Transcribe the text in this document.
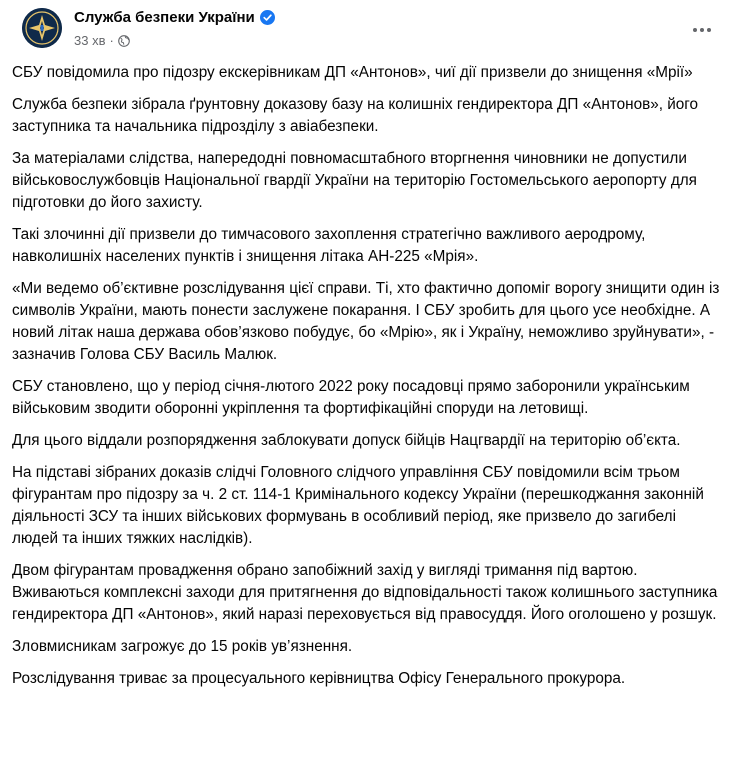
Служба безпеки України
33 хв ·

СБУ повідомила про підозру екскерівникам ДП «Антонов», чиї дії призвели до знищення «Мрії»

Служба безпеки зібрала ґрунтовну доказову базу на колишніх гендиректора ДП «Антонов», його заступника та начальника підрозділу з авіабезпеки.

За матеріалами слідства, напередодні повномасштабного вторгнення чиновники не допустили військовослужбовців Національної гвардії України на територію Гостомельського аеропорту для підготовки до його захисту.

Такі злочинні дії призвели до тимчасового захоплення стратегічно важливого аеродрому, навколишніх населених пунктів і знищення літака АН-225 «Мрія».

«Ми ведемо об’єктивне розслідування цієї справи. Ті, хто фактично допоміг ворогу знищити один із символів України, мають понести заслужене покарання. І СБУ зробить для цього усе необхідне. А новий літак наша держава обов’язково побудує, бо «Мрію», як і Україну, неможливо зруйнувати», - зазначив Голова СБУ Василь Малюк.

СБУ становлено, що у період січня-лютого 2022 року посадовці прямо заборонили українським військовим зводити оборонні укріплення та фортифікаційні споруди на летовищі.

Для цього віддали розпорядження заблокувати допуск бійців Нацгвардії на територію об’єкта.

На підставі зібраних доказів слідчі Головного слідчого управління СБУ повідомили всім трьом фігурантам про підозру за ч. 2 ст. 114-1 Кримінального кодексу України (перешкоджання законній діяльності ЗСУ та інших військових формувань в особливий період, яке призвело до загибелі людей та інших тяжких наслідків).

Двом фігурантам провадження обрано запобіжний захід у вигляді тримання під вартою. Вживаються комплексні заходи для притягнення до відповідальності також колишнього заступника гендиректора ДП «Антонов», який наразі переховується від правосуддя. Його оголошено у розшук.

Зловмисникам загрожує до 15 років ув’язнення.

Розслідування триває за процесуального керівництва Офісу Генерального прокурора.
